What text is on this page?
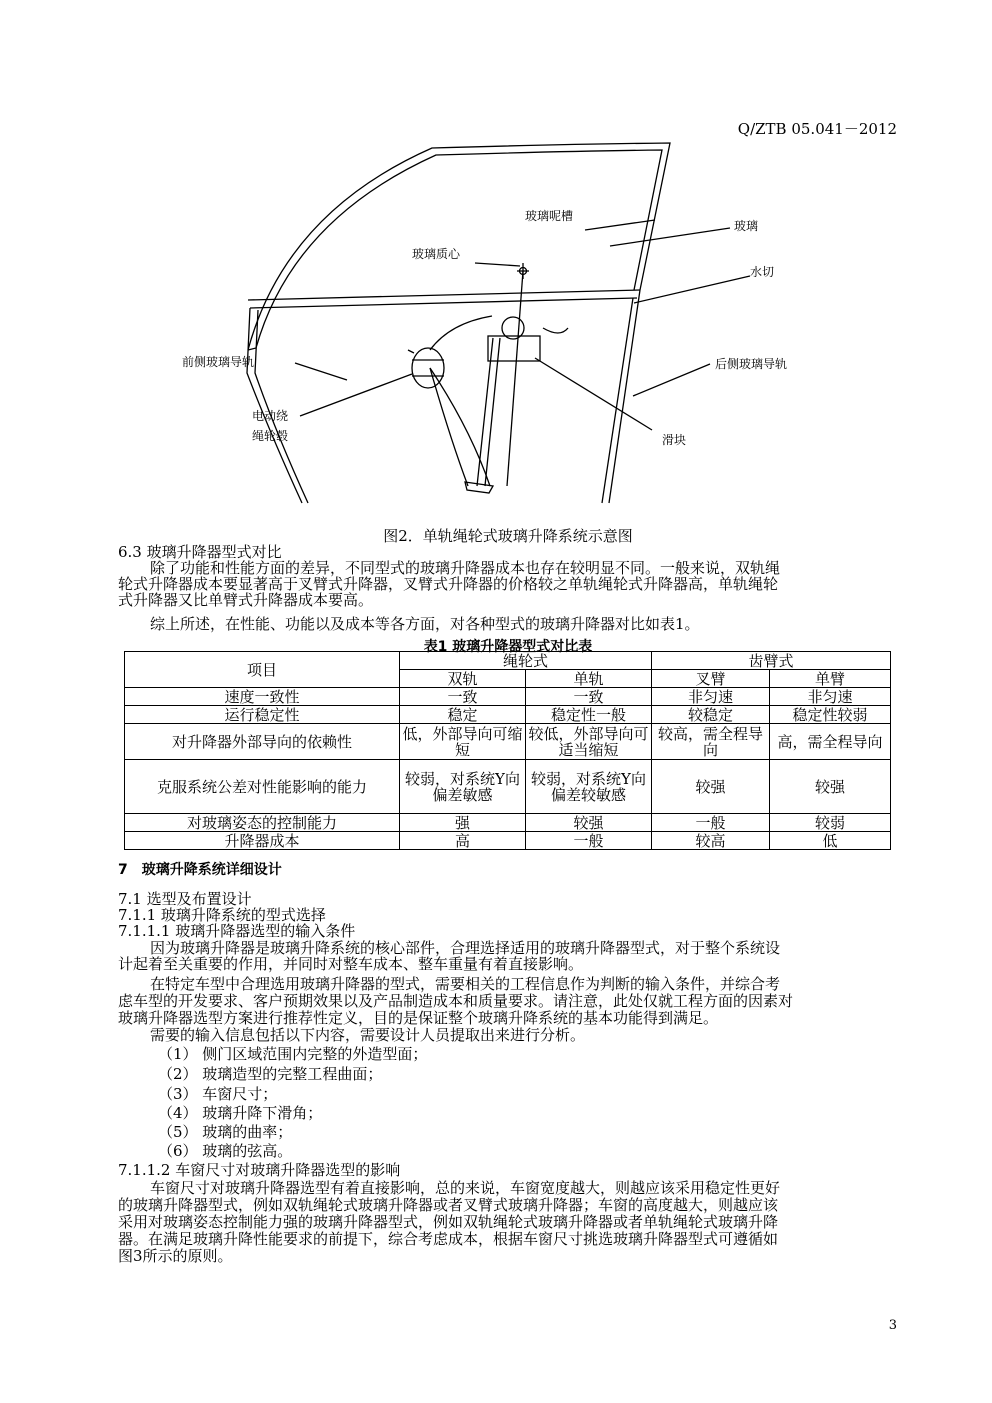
Q/ZTB 05.041－2012
玻璃呢槽
玻璃
玻璃质心
水切
前侧玻璃导轨	后侧玻璃导轨
电动绕
绳轮毂	滑块
图2．单轨绳轮式玻璃升降系统示意图
6.3 玻璃升降器型式对比
除了功能和性能方面的差异，不同型式的玻璃升降器成本也存在较明显不同。一般来说，双轨绳
轮式升降器成本要显著高于叉臂式升降器，叉臂式升降器的价格较之单轨绳轮式升降器高，单轨绳轮
式升降器又比单臂式升降器成本要高。
综上所述，在性能、功能以及成本等各方面，对各种型式的玻璃升降器对比如表1。
表1 玻璃升降器型式对比表
项目	绳轮式		齿臂式	
	双轨	单轨	叉臂	单臂
速度一致性	一致	一致	非匀速	非匀速
运行稳定性	稳定	稳定性一般	较稳定	稳定性较弱
对升降器外部导向的依赖性	低，外部导向可缩短	较低，外部导向可适当缩短	较高，需全程导向	高，需全程导向
克服系统公差对性能影响的能力	较弱，对系统Y向偏差敏感	较弱，对系统Y向偏差较敏感	较强	较强
对玻璃姿态的控制能力	强	较强	一般	较弱
升降器成本	高	一般	较高	低
7　玻璃升降系统详细设计
7.1 选型及布置设计
7.1.1 玻璃升降系统的型式选择
7.1.1.1 玻璃升降器选型的输入条件
因为玻璃升降器是玻璃升降系统的核心部件，合理选择适用的玻璃升降器型式，对于整个系统设
计起着至关重要的作用，并同时对整车成本、整车重量有着直接影响。
在特定车型中合理选用玻璃升降器的型式，需要相关的工程信息作为判断的输入条件，并综合考
虑车型的开发要求、客户预期效果以及产品制造成本和质量要求。请注意，此处仅就工程方面的因素对
玻璃升降器选型方案进行推荐性定义，目的是保证整个玻璃升降系统的基本功能得到满足。
需要的输入信息包括以下内容，需要设计人员提取出来进行分析。
（1） 侧门区域范围内完整的外造型面；
（2） 玻璃造型的完整工程曲面；
（3） 车窗尺寸；
（4） 玻璃升降下滑角；
（5） 玻璃的曲率；
（6） 玻璃的弦高。
7.1.1.2 车窗尺寸对玻璃升降器选型的影响
车窗尺寸对玻璃升降器选型有着直接影响，总的来说，车窗宽度越大，则越应该采用稳定性更好
的玻璃升降器型式，例如双轨绳轮式玻璃升降器或者叉臂式玻璃升降器；车窗的高度越大，则越应该
采用对玻璃姿态控制能力强的玻璃升降器型式，例如双轨绳轮式玻璃升降器或者单轨绳轮式玻璃升降
器。在满足玻璃升降性能要求的前提下，综合考虑成本，根据车窗尺寸挑选玻璃升降器型式可遵循如
图3所示的原则。
3
